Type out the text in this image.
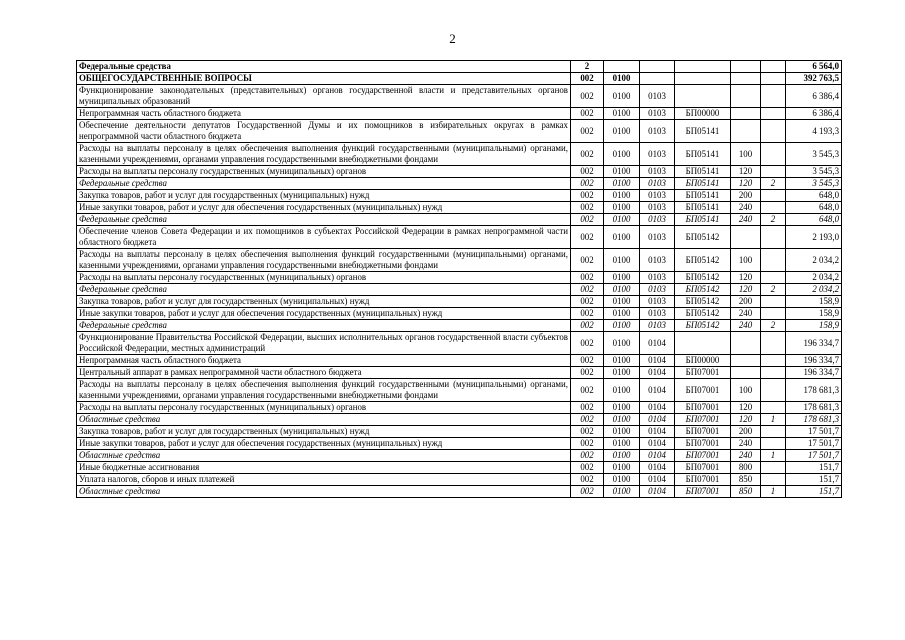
2
Федеральные средства	2						6 564,0
ОБЩЕГОСУДАРСТВЕННЫЕ ВОПРОСЫ	002	0100					392 763,5
Функционирование законодательных (представительных) органов государственной власти и представительных органов муниципальных образований	002	0100	0103				6 386,4
Непрограммная часть областного бюджета	002	0100	0103	БП00000			6 386,4
Обеспечение деятельности депутатов Государственной Думы и их помощников в избирательных округах в рамках непрограммной части областного бюджета	002	0100	0103	БП05141			4 193,3
Расходы на выплаты персоналу в целях обеспечения выполнения функций государственными (муниципальными) органами, казенными учреждениями, органами управления государственными внебюджетными фондами	002	0100	0103	БП05141	100		3 545,3
Расходы на выплаты персоналу государственных (муниципальных) органов	002	0100	0103	БП05141	120		3 545,3
Федеральные средства	002	0100	0103	БП05141	120	2	3 545,3
Закупка товаров, работ и услуг для государственных (муниципальных) нужд	002	0100	0103	БП05141	200		648,0
Иные закупки товаров, работ и услуг для обеспечения государственных (муниципальных) нужд	002	0100	0103	БП05141	240		648,0
Федеральные средства	002	0100	0103	БП05141	240	2	648,0
Обеспечение членов Совета Федерации и их помощников в субъектах Российской Федерации в рамках непрограммной части областного бюджета	002	0100	0103	БП05142			2 193,0
Расходы на выплаты персоналу в целях обеспечения выполнения функций государственными (муниципальными) органами, казенными учреждениями, органами управления государственными внебюджетными фондами	002	0100	0103	БП05142	100		2 034,2
Расходы на выплаты персоналу государственных (муниципальных) органов	002	0100	0103	БП05142	120		2 034,2
Федеральные средства	002	0100	0103	БП05142	120	2	2 034,2
Закупка товаров, работ и услуг для государственных (муниципальных) нужд	002	0100	0103	БП05142	200		158,9
Иные закупки товаров, работ и услуг для обеспечения государственных (муниципальных) нужд	002	0100	0103	БП05142	240		158,9
Федеральные средства	002	0100	0103	БП05142	240	2	158,9
Функционирование Правительства Российской Федерации, высших исполнительных органов государственной власти субъектов Российской Федерации, местных администраций	002	0100	0104				196 334,7
Непрограммная часть областного бюджета	002	0100	0104	БП00000			196 334,7
Центральный аппарат в рамках непрограммной части областного бюджета	002	0100	0104	БП07001			196 334,7
Расходы на выплаты персоналу в целях обеспечения выполнения функций государственными (муниципальными) органами, казенными учреждениями, органами управления государственными внебюджетными фондами	002	0100	0104	БП07001	100		178 681,3
Расходы на выплаты персоналу государственных (муниципальных) органов	002	0100	0104	БП07001	120		178 681,3
Областные средства	002	0100	0104	БП07001	120	1	178 681,3
Закупка товаров, работ и услуг для государственных (муниципальных) нужд	002	0100	0104	БП07001	200		17 501,7
Иные закупки товаров, работ и услуг для обеспечения государственных (муниципальных) нужд	002	0100	0104	БП07001	240		17 501,7
Областные средства	002	0100	0104	БП07001	240	1	17 501,7
Иные бюджетные ассигнования	002	0100	0104	БП07001	800		151,7
Уплата налогов, сборов и иных платежей	002	0100	0104	БП07001	850		151,7
Областные средства	002	0100	0104	БП07001	850	1	151,7
